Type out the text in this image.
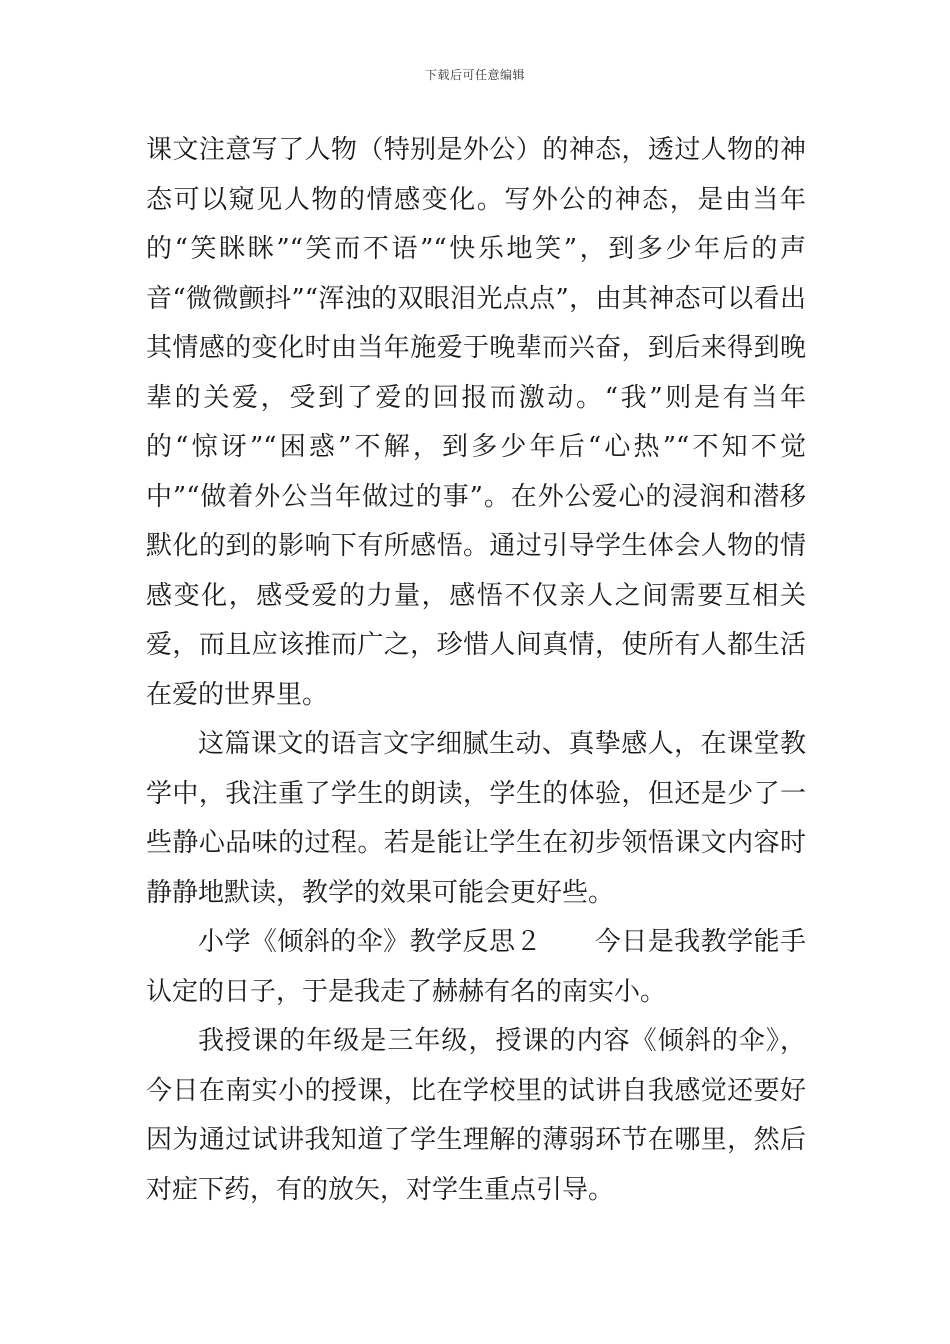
下载后可任意编辑

课文注意写了人物（特别是外公）的神态，透过人物的神态可以窥见人物的情感变化。写外公的神态，是由当年的“笑眯眯”“笑而不语”“快乐地笑”，到多少年后的声音“微微颤抖”“浑浊的双眼泪光点点”，由其神态可以看出其情感的变化时由当年施爱于晚辈而兴奋，到后来得到晚辈的关爱，受到了爱的回报而激动。“我”则是有当年的“惊讶”“困惑”不解，到多少年后“心热”“不知不觉中”“做着外公当年做过的事”。在外公爱心的浸润和潜移默化的到的影响下有所感悟。通过引导学生体会人物的情感变化，感受爱的力量，感悟不仅亲人之间需要互相关爱，而且应该推而广之，珍惜人间真情，使所有人都生活在爱的世界里。

这篇课文的语言文字细腻生动、真挚感人，在课堂教学中，我注重了学生的朗读，学生的体验，但还是少了一些静心品味的过程。若是能让学生在初步领悟课文内容时静静地默读，教学的效果可能会更好些。

小学《倾斜的伞》教学反思２　　今日是我教学能手认定的日子，于是我走了赫赫有名的南实小。

我授课的年级是三年级，授课的内容《倾斜的伞》，今日在南实小的授课，比在学校里的试讲自我感觉还要好因为通过试讲我知道了学生理解的薄弱环节在哪里，然后对症下药，有的放矢，对学生重点引导。
